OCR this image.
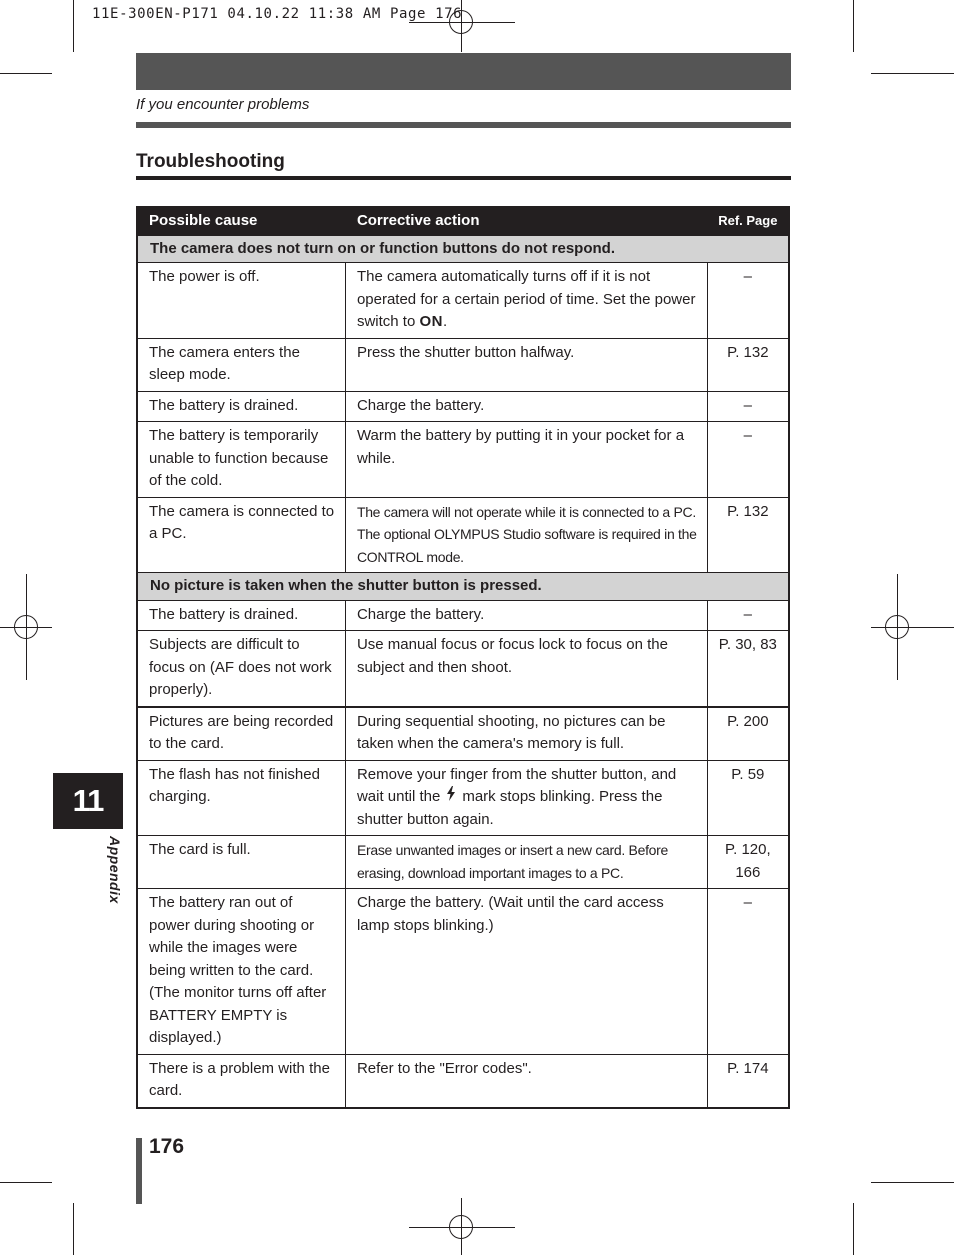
11E-300EN-P171 04.10.22 11:38 AM Page 176
If you encounter problems
Troubleshooting
Possible cause	Corrective action	Ref. Page
The camera does not turn on or function buttons do not respond.		
The power is off.	The camera automatically turns off if it is not operated for a certain period of time. Set the power switch to ON.	–
The camera enters the sleep mode.	Press the shutter button halfway.	P. 132
The battery is drained.	Charge the battery.	–
The battery is temporarily unable to function because of the cold.	Warm the battery by putting it in your pocket for a while.	–
The camera is connected to a PC.	The camera will not operate while it is connected to a PC. The optional OLYMPUS Studio software is required in the CONTROL mode.	P. 132
No picture is taken when the shutter button is pressed.		
The battery is drained.	Charge the battery.	–
Subjects are difficult to focus on (AF does not work properly).	Use manual focus or focus lock to focus on the subject and then shoot.	P. 30, 83
Pictures are being recorded to the card.	During sequential shooting, no pictures can be taken when the camera's memory is full.	P. 200
The flash has not finished charging.	Remove your finger from the shutter button, and wait until the mark stops blinking. Press the shutter button again.	P. 59
The card is full.	Erase unwanted images or insert a new card. Before erasing, download important images to a PC.	P. 120, 166
The battery ran out of power during shooting or while the images were being written to the card. (The monitor turns off after BATTERY EMPTY is displayed.)	Charge the battery. (Wait until the card access lamp stops blinking.)	–
There is a problem with the card.	Refer to the "Error codes".	P. 174
11
Appendix
176
